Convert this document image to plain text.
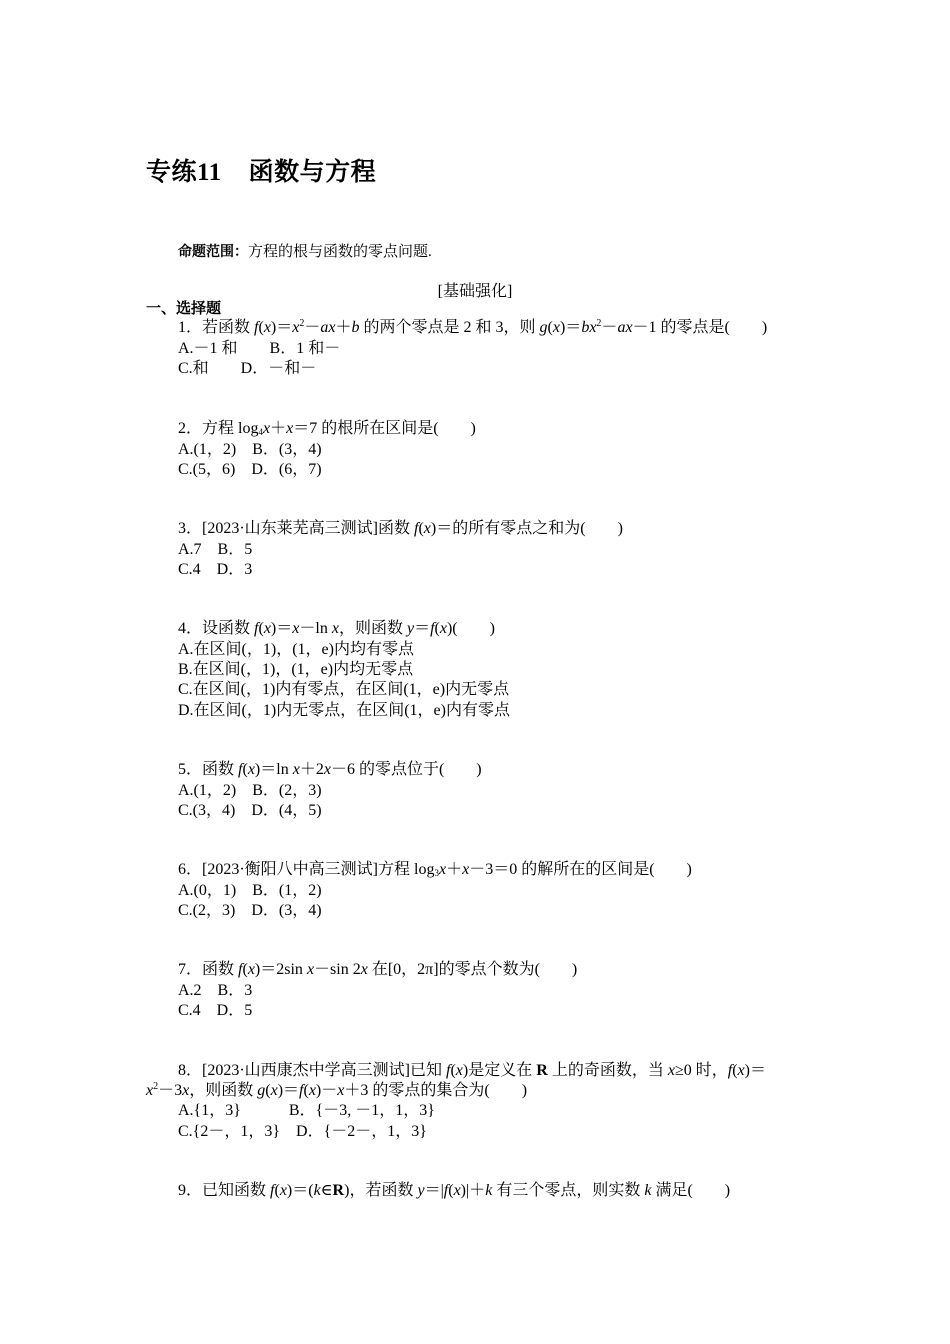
专练11    函数与方程
命题范围：方程的根与函数的零点问题.
[基础强化]
一、选择题
1．若函数 $f(x)=x^2-ax+b$ 的两个零点是 2 和 3，则 $g(x)=bx^2-ax-1$ 的零点是(　　)
A.－1 和　　B．1 和－
C.和　　D．－和－
2．方程 $\log_4x+x=7$ 的根所在区间是(　　)
A.(1，2)　B．(3，4)
C.(5，6)　D．(6，7)
3．[2023·山东莱芜高三测试]函数 f(x)＝的所有零点之和为(　　)
A.7　B．5
C.4　D．3
4．设函数 f(x)＝x－ln x，则函数 y＝f(x)(　　)
A.在区间(，1)，(1，e)内均有零点
B.在区间(，1)，(1，e)内均无零点
C.在区间(，1)内有零点，在区间(1，e)内无零点
D.在区间(，1)内无零点，在区间(1，e)内有零点
5．函数 f(x)＝ln x＋2x－6 的零点位于(　　)
A.(1，2)　B．(2，3)
C.(3，4)　D．(4，5)
6．[2023·衡阳八中高三测试]方程 $\log_3x+x-3=0$ 的解所在的区间是(　　)
A.(0，1)　B．(1，2)
C.(2，3)　D．(3，4)
7．函数 f(x)＝2sin x－sin 2x 在[0，2π]的零点个数为(　　)
A.2　B．3
C.4　D．5
8．[2023·山西康杰中学高三测试]已知 f(x)是定义在 R 上的奇函数，当 x≥0 时，f(x)＝
$x^2-3x$，则函数 g(x)＝f(x)－x＋3 的零点的集合为(　　)
A.{1，3}　　　B．{－3, －1，1，3}
C.{2－，1，3}　D．{－2－，1，3}
9．已知函数 f(x)＝(k∈R)，若函数 y＝|f(x)|＋k 有三个零点，则实数 k 满足(　　)
